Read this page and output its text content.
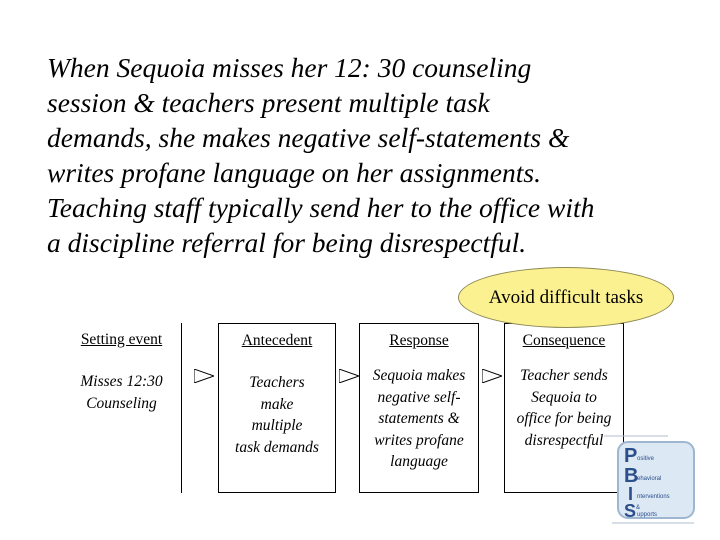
When Sequoia misses her 12: 30 counseling
session & teachers present multiple task
demands, she makes negative self-statements &
writes profane language on her assignments.
Teaching staff typically send her to the office with
a discipline referral for being disrespectful.

Setting event
Misses 12:30
Counseling
Antecedent
Teachers
make
multiple
task demands
Response
Sequoia makes
negative self-
statements &
writes profane
language
Consequence
Teacher sends
Sequoia to
office for being
disrespectful
Avoid difficult tasks
P
B
I
S
ositive
ehavioral
nterventions
&
upports
